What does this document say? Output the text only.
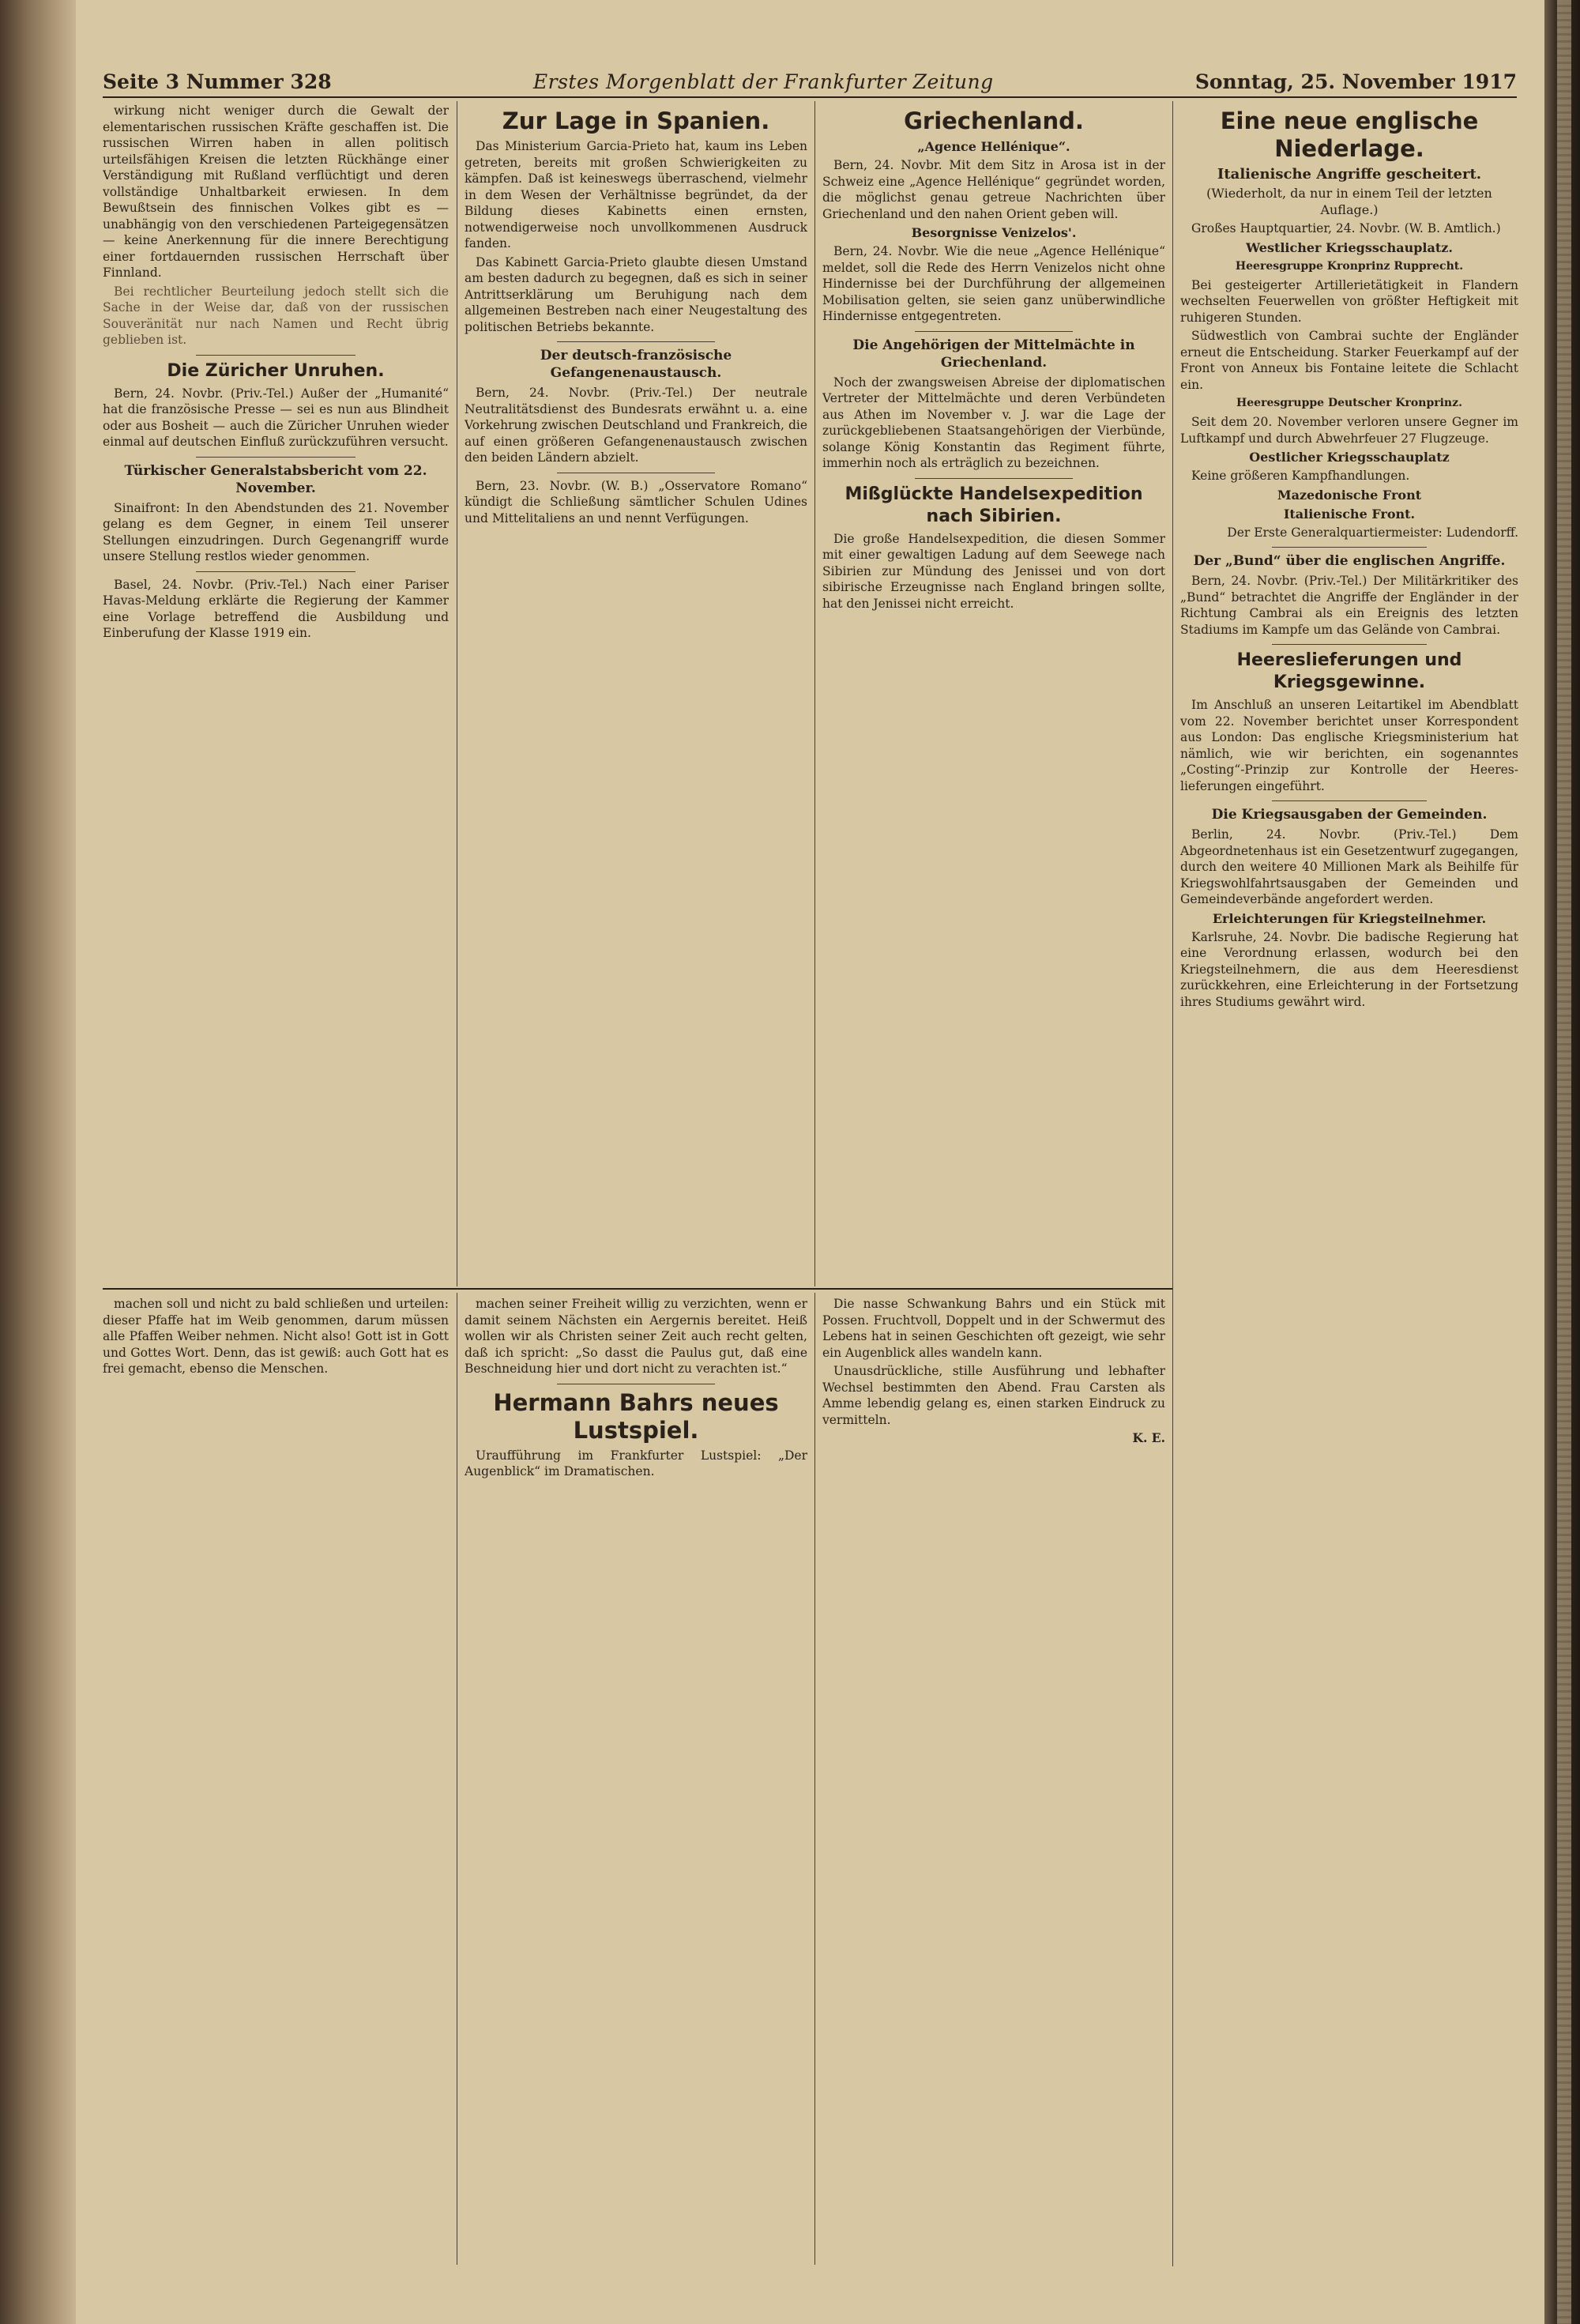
Seite 3 Nummer 328	Erstes Morgenblatt der Frankfurter Zeitung	Sonntag, 25. November 1917

wirkung nicht weniger durch die Gewalt der elementarischen russischen Kräfte geschaffen ist. Die russischen Wirren haben in allen politisch urteilsfähigen Kreisen die letzten Rückhänge einer Verständigung mit Rußland verflüchtigt und deren vollständige Unhaltbarkeit erwiesen. In dem Bewußtsein des finnischen Volkes gibt es — unabhängig von den verschiedenen Parteigegensätzen — keine Anerkennung für die innere Berechtigung einer fortdauernden russischen Herrschaft über Finnland.

Bei rechtlicher Beurteilung jedoch stellt sich die Sache in der Weise dar, daß von der russischen Souveränität nur nach Namen und Recht übrig geblieben ist.

Die Züricher Unruhen.

Bern, 24. Novbr. (Priv.-Tel.) Außer der „Humanité“ hat die französische Presse — sei es nun aus Blindheit oder aus Bosheit — auch die Züricher Unruhen wieder einmal auf deutschen Einfluß zurückzuführen versucht.

Türkischer Generalstabsbericht vom 22. November.

Sinaifront: In den Abendstunden des 21. November gelang es dem Gegner, in einem Teil unserer Stellungen einzudringen. Durch Gegenangriff wurde unsere Stellung restlos wieder genommen.

Basel, 24. Novbr. (Priv.-Tel.) Nach einer Pariser Havas-Meldung erklärte die Regierung der Kammer eine Vorlage betreffend die Ausbildung und Einberufung der Klasse 1919 ein.

Zur Lage in Spanien.

Das Ministerium Garcia-Prieto hat, kaum ins Leben getreten, bereits mit großen Schwierigkeiten zu kämpfen. Daß ist keineswegs überraschend, vielmehr in dem Wesen der Verhältnisse begründet, da der Bildung dieses Kabinetts einen ernsten, notwendigerweise noch unvollkommenen Ausdruck fanden.

Das Kabinett Garcia-Prieto glaubte diesen Umstand am besten dadurch zu begegnen, daß es sich in seiner Antrittserklärung um Beruhigung nach dem allgemeinen Bestreben nach einer Neugestaltung des politischen Betriebs bekannte.

Der deutsch-französische Gefangenenaustausch.

Bern, 24. Novbr. (Priv.-Tel.) Der neutrale Neutralitätsdienst des Bundesrats erwähnt u. a. eine Vorkehrung zwischen Deutschland und Frankreich, die auf einen größeren Gefangenenaustausch zwischen den beiden Ländern abzielt.

Bern, 23. Novbr. (W. B.) „Osservatore Romano“ kündigt die Schließung sämtlicher Schulen Udines und Mittelitaliens an und nennt Verfügungen.

Griechenland.
„Agence Hellénique“.

Bern, 24. Novbr. Mit dem Sitz in Arosa ist in der Schweiz eine „Agence Hellénique“ gegründet worden, die möglichst genau getreue Nachrichten über Griechenland und den nahen Orient geben will.

Besorgnisse Venizelos'.

Bern, 24. Novbr. Wie die neue „Agence Hellénique“ meldet, soll die Rede des Herrn Venizelos nicht ohne Hindernisse bei der Durchführung der allgemeinen Mobilisation gelten, sie seien ganz unüberwindliche Hindernisse entgegentreten.

Die Angehörigen der Mittelmächte in Griechenland.

Noch der zwangsweisen Abreise der diplomatischen Vertreter der Mittelmächte und deren Verbündeten aus Athen im November v. J. war die Lage der zurückgebliebenen Staatsangehörigen der Vierbünde, solange König Konstantin das Regiment führte, immerhin noch als erträglich zu bezeichnen.

Mißglückte Handelsexpedition nach Sibirien.

Die große Handelsexpedition, die diesen Sommer mit einer gewaltigen Ladung auf dem Seewege nach Sibirien zur Mündung des Jenissei und von dort sibirische Erzeugnisse nach England bringen sollte, hat den Jenissei nicht erreicht.

Eine neue englische Niederlage.
Italienische Angriffe gescheitert.
(Wiederholt, da nur in einem Teil der letzten Auflage.)

Großes Hauptquartier, 24. Novbr. (W. B. Amtlich.)

Westlicher Kriegsschauplatz.
Heeresgruppe Kronprinz Rupprecht.

Bei gesteigerter Artillerietätigkeit in Flandern wechselten Feuerwellen von größter Heftigkeit mit ruhigeren Stunden.

Südwestlich von Cambrai suchte der Engländer erneut die Entscheidung. Starker Feuerkampf auf der Front von Anneux bis Fontaine leitete die Schlacht ein.

Heeresgruppe Deutscher Kronprinz.

Seit dem 20. November verloren unsere Gegner im Luftkampf und durch Abwehrfeuer 27 Flugzeuge.

Oestlicher Kriegsschauplatz

Keine größeren Kampfhandlungen.

Mazedonische Front
Italienische Front.

Der Erste Generalquartiermeister: Ludendorff.

Der „Bund“ über die englischen Angriffe.

Bern, 24. Novbr. (Priv.-Tel.) Der Militärkritiker des „Bund“ betrachtet die Angriffe der Engländer in der Richtung Cambrai als ein Ereignis des letzten Stadiums im Kampfe um das Gelände von Cambrai.

Heereslieferungen und Kriegsgewinne.

Im Anschluß an unseren Leitartikel im Abendblatt vom 22. November berichtet unser Korrespondent aus London: Das englische Kriegsministerium hat nämlich, wie wir berichten, ein sogenanntes „Costing“-Prinzip zur Kontrolle der Heereslieferungen eingeführt.

Die Kriegsausgaben der Gemeinden.

Berlin, 24. Novbr. (Priv.-Tel.) Dem Abgeordnetenhaus ist ein Gesetzentwurf zugegangen, durch den weitere 40 Millionen Mark als Beihilfe für Kriegswohlfahrtsausgaben der Gemeinden und Gemeindeverbände angefordert werden.

Erleichterungen für Kriegsteilnehmer.

Karlsruhe, 24. Novbr. Die badische Regierung hat eine Verordnung erlassen, wodurch bei den Kriegsteilnehmern, die aus dem Heeresdienst zurückkehren, eine Erleichterung in der Fortsetzung ihres Studiums gewährt wird.

machen soll und nicht zu bald schließen und urteilen: dieser Pfaffe hat im Weib genommen, darum müssen alle Pfaffen Weiber nehmen. Nicht also! Gott ist in Gott und Gottes Wort. Denn, das ist gewiß: auch Gott hat es frei gemacht, ebenso die Menschen.

machen seiner Freiheit willig zu verzichten, wenn er damit seinem Nächsten ein Aergernis bereitet. Heiß wollen wir als Christen seiner Zeit auch recht gelten, daß ich spricht: „So dasst die Paulus gut, daß eine Beschneidung hier und dort nicht zu verachten ist.“

Hermann Bahrs neues Lustspiel.

Uraufführung im Frankfurter Lustspiel: „Der Augenblick“ im Dramatischen.

Die nasse Schwankung Bahrs und ein Stück mit Possen. Fruchtvoll, Doppelt und in der Schwermut des Lebens hat in seinen Geschichten oft gezeigt, wie sehr ein Augenblick alles wandeln kann.

Unausdrückliche, stille Ausführung und lebhafter Wechsel bestimmten den Abend. Frau Carsten als Amme lebendig gelang es, einen starken Eindruck zu vermitteln.

K. E.
